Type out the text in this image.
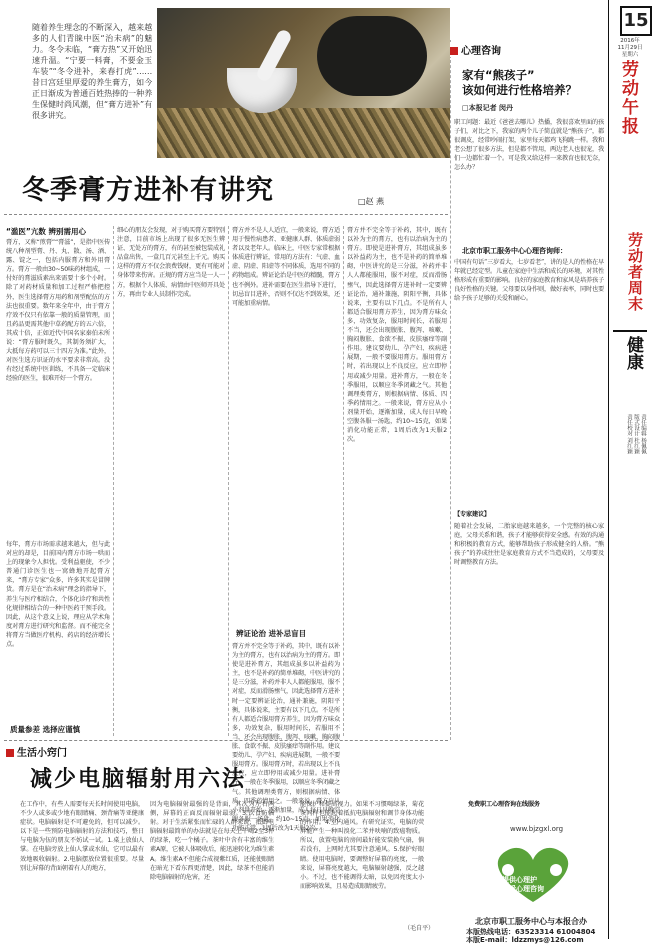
随着养生理念的不断深入，越来越多的人们青睐中医“治未病”的魅力。冬令未临，“膏方热”又开始迅速升温。“宁要一料膏，不要金玉车装”“冬令进补，来春打虎”……昔日宫廷里厚爱的养生膏方，如今正日渐成为普通百姓热捧的一种养生保健时尚风潮，但“膏方进补”有很多讲究。
冬季膏方进补有讲究	□赵 燕
“滥医”亢数 辨别需用心
膏方，又称“煎膏”“膏滋”，是指中医传统八种剂型膏、丹、丸、散、汤、酒、露、锭之一，包括内服膏方和外用膏方。膏方一般由30~50味药材组成，一付好的膏滋质素出来需要十多个小时。除了对药材质量和加工过程严格把控外，医生选择膏方用药和剂型配伍的方法也很重要。数年来全年中，由于膏方疗效不仅只有依靠一般的质量管理，而且药品更需其他中草药配方的五六倍，其成十倍，正如近代中国名家秦伯未所说：“膏方服时既久，其制务须扩大，大抵每方药可以三十四方为准。”此外，对医生选方识证的水平要求非常高。没有经过系统中医训练，不具备一定临床经验的医生，很难开好一个膏方。
每年，膏方市场需求越来越大，但与此对应的却是，目前国内膏方市场一哄而上的现象令人担忧。受利益驱使，不少普通门诊医生也一窝蜂地开起膏方来，“膏方专家”众多，许多其实是冒牌货。膏方是在“治未病”理念的指导下，养生与医疗相结合，个体化诊疗和共性化规律相结合的一种中医药干预手段。因此，从这个意义上说，理应从学术角度对膏方进行研究和监督。而不能完全将膏方当做医疗机构、药店的经济增长点。
质量参差 选择应谨慎
细心的朋友会发现，对于购买膏方要特别注意，目前市场上出现了很多无医生辨证、无处方的膏方，有的甚至被包装成礼品盒出售，一盒几百元甚至上千元。购买这样的膏方不仅会浪费钱财，更有可能对身体带来伤害。正规的膏方应当是一人一方，根据个人体质、病情由中医师开具处方，再由专业人员制作完成。
膏方并不是人人适宜，一般来说，膏方适用于慢性病患者、亚健康人群、体质虚弱者以及老年人。临床上，中医专家常根据体质进行辨证，常用的方法有：气虚、血虚、阴虚、阳虚等不同体质，选用不同的药物组成。辨证论治是中医的精髓，膏方也不例外。进补需要在医生指导下进行，切忌盲目进补，否则不仅达不到效果，还可能加重病情。
辨证论治 进补忌盲目
膏方并不完全等于补药，其中，既有以补为主的膏方，也有以治病为主的膏方。即使是进补膏方，其组成虽多以补益药为主，也不是补药的简单堆砌，中医讲究的是三分滋，补药并非人人都能服用，服不对症，反而滑肠壅气，因此选择膏方进补时一定要辨证论治，通补兼施，阴阳平衡，具体说来，主要有以下几点。不是所有人都适合服用膏方养生，因为膏方味众多，功效复杂，服用时间长，若服用不当，还会出现腹胀、腹泻、咳嗽、胸闷腹胀、食欲不振、皮肤瘙痒等副作用。建议要幼儿、孕产妇、疾病进展期，一般不要服用膏方。服用膏方时，若出现以上不良反应，应立即停用或减少用量。进补膏方，一般在冬季服用，以顺应冬季闭藏之气。其他调理类膏方，则根据病情、体质、四季药情用之。一般来说，膏方应从小剂量开始，逐渐加量，成人每日早晚空腹各服一汤匙，约10~15克，如果消化功能正常，1周后改为1天服2次。
膏方并不完全等于补药，其中，既有以补为主的膏方，也有以治病为主的膏方。即使是进补膏方，其组成虽多以补益药为主，也不是补药的简单堆砌，中医讲究的是三分滋，补药并非人人都能服用，服不对症，反而滑肠壅气，因此选择膏方进补时一定要辨证论治，通补兼施，阴阳平衡，具体说来，主要有以下几点。不是所有人都适合服用膏方养生，因为膏方味众多，功效复杂，服用时间长，若服用不当，还会出现腹胀、腹泻、咳嗽、胸闷腹胀、食欲不振、皮肤瘙痒等副作用。建议要幼儿、孕产妇、疾病进展期，一般不要服用膏方。服用膏方时，若出现以上不良反应，应立即停用或减少用量。进补膏方，一般在冬季服用，以顺应冬季闭藏之气。其他调理类膏方，则根据病情、体质、四季药情用之。一般来说，膏方应从小剂量开始，逐渐加量，成人每日早晚空腹各服一汤匙，约10~15克，如果消化功能正常，1周后改为1天服2次。
心理咨询
家有“熊孩子”
该如何进行性格培养？
□本报记者 闵丹
职工问题：最近《爸爸去哪儿》热播，我很喜欢里面的孩子们，对比之下，我家的两个儿子简直就是“熊孩子”，都很调皮，经常吵闹打架，家里每天都鸡飞狗跳一样。我和老公想了很多方法，但是都不管用，两边老人也很宠，我们一边都忙着一个。可是我又给这样一来教育也很无奈，怎么办？
北京市职工服务中心心理咨询师：
中国有句话“三岁看大，七岁看老”，讲的是人的性格在早年就已经定型。儿童在家庭中生活和成长的环境，对其性格形成有重要的影响。良好的家庭教育和家风是培养孩子良好性格的关键。父母要以身作则，做好表率，同时也要给予孩子足够的关爱和耐心。
【专家建议】
随着社会发展，二胎家庭越来越多，一个完整的核心家庭，父母关系和谐，孩子才能够获得安全感。有效的沟通和积极的教育方式，能够帮助孩子形成健全的人格。“熊孩子”的养成往往是家庭教育方式不当造成的，父母要及时调整教育方法。
15
2016年
11月29日
星期六
劳动午报
劳动者周末
健康
责任编辑 杨佩佩
版式设计 杜红颖
责任校对 刘红颖
生活小窍门
减少电脑辐射用六法
在工作中，有些人需要每天长时间使用电脑，不少人或多或少地有眼睛痛、颈背痛等亚健康症状。电脑辐射是不可避免的，但可以减少。以下是一些预防电脑辐射的方法和技巧，整日与电脑为伍的朋友不妨试一试。1.桌上放仙人掌。在电脑旁放上仙人掌或水仙，它可以最有效地吸收辐射。2.电脑摆放位置很重要。尽量别让屏幕的背面朝着有人的地方，
因为电脑辐射最强的是背面，其次为左右两侧，屏幕的正面反而辐射最弱。3.饮食防辐射。对于生活紧张而忙碌的人群来说，抵御电脑辐射最简单的办法就是在每天上午喝2至3杯的绿茶，吃一个橘子。茶叶中含有丰富的维生素A原，它被人体吸收后，能迅速转化为维生素A。维生素A不但能合成视紫红质，还能使眼睛在暗光下看东西更清楚，因此，绿茶不但能消除电脑辐射的危害，还
能保护和提高视力。如果不习惯喝绿茶，菊花茶同样也能起着抵抗电脑辐射和调节身体功能的作用。4.室内通风。有研究证实，电脑的荧屏能产生一种叫溴化二苯并呋喃的致癌物质。所以，放置电脑的房间最好能安装换气扇，倘若没有，上网时尤其要注意通风。5.保护好眼睛。使用电脑时，要调整好屏幕的亮度，一般来说，屏幕亮度越大，电脑辐射越强，反之越小。不过，也不能调得太暗，以免因亮度太小而影响效果，且易造成眼睛疲劳。
（毛自平）
免费职工心理咨询在线服务
www.bjzgxl.org
工会提供心理护
职工享受心理咨询
北京市职工服务中心与本报合办
本版热线电话：63523314 61004804
本版E-mail：ldzzmys@126.com
